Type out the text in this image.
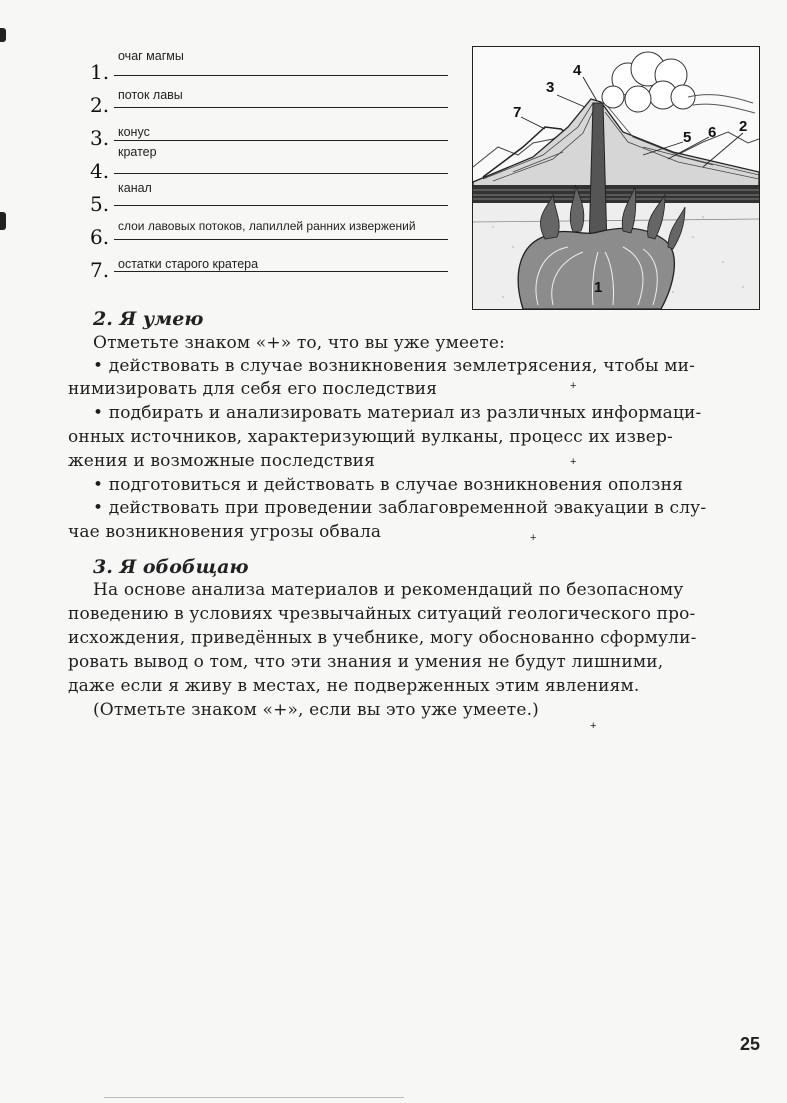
1.
очаг магмы
2. поток лавы
3. конус
4.
кратер
5.
канал
6. слои лавовых потоков, лапиллей ранних извержений
7. остатки старого кратера
1
2
3
4
5 6
7
2. Я умею
Отметьте знаком «+» то, что вы уже умеете:
• действовать в случае возникновения землетрясения, чтобы ми-
нимизировать для себя его последствия
• подбирать и анализировать материал из различных информаци-
онных источников, характеризующий вулканы, процесс их извер-
жения и возможные последствия
• подготовиться и действовать в случае возникновения оползня
• действовать при проведении заблаговременной эвакуации в слу-
чае возникновения угрозы обвала
+
+
+
3. Я обобщаю
На основе анализа материалов и рекомендаций по безопасному
поведению в условиях чрезвычайных ситуаций геологического про-
исхождения, приведённых в учебнике, могу обоснованно сформули-
ровать вывод о том, что эти знания и умения не будут лишними,
даже если я живу в местах, не подверженных этим явлениям.
(Отметьте знаком «+», если вы это уже умеете.)
+
25
